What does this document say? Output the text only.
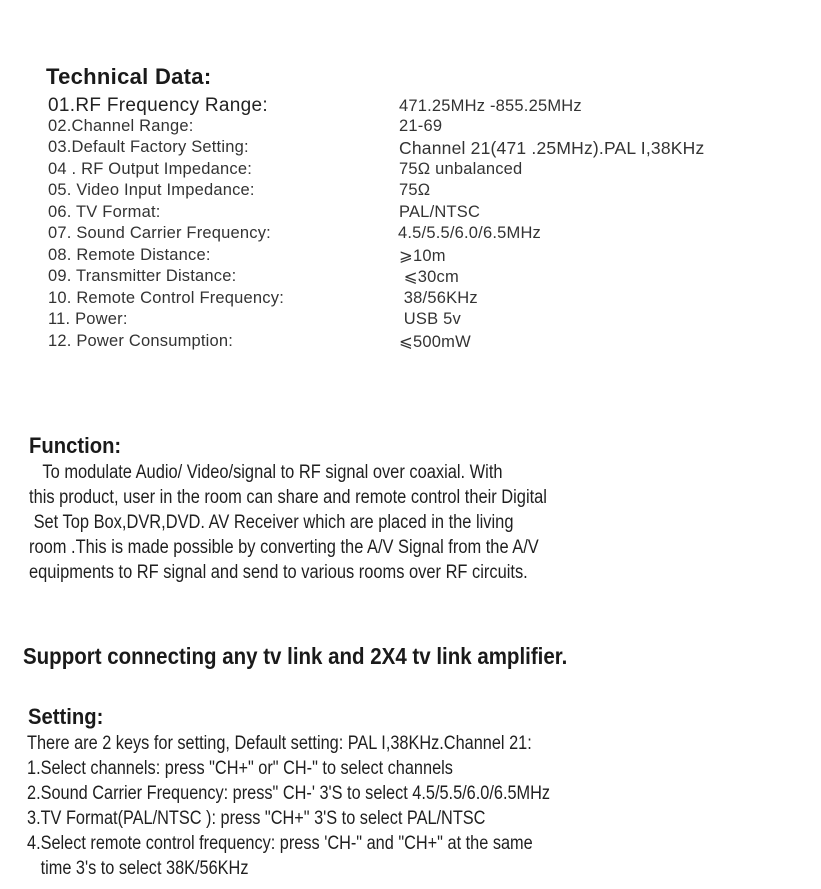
Technical Data:
01.RF Frequency Range:	471.25MHz -855.25MHz
02.Channel Range:	21-69
03.Default Factory Setting:	Channel 21(471 .25MHz).PAL I,38KHz
04 . RF Output Impedance:	75Ω unbalanced
05. Video Input Impedance:	75Ω
06. TV Format:	PAL/NTSC
07. Sound Carrier Frequency:	4.5/5.5/6.0/6.5MHz
08. Remote Distance:	⩾10m
09. Transmitter Distance:	⩽30cm
10. Remote Control Frequency:	38/56KHz
11. Power:	USB 5v
12. Power Consumption:	⩽500mW
Function:
To modulate Audio/ Video/signal to RF signal over coaxial. With
this product, user in the room can share and remote control their Digital
Set Top Box,DVR,DVD. AV Receiver which are placed in the living
room .This is made possible by converting the A/V Signal from the A/V
equipments to RF signal and send to various rooms over RF circuits.
Support connecting any tv link and 2X4 tv link amplifier.
Setting:
There are 2 keys for setting, Default setting: PAL I,38KHz.Channel 21:
1.Select channels: press "CH+" or" CH-" to select channels
2.Sound Carrier Frequency: press" CH-' 3'S to select 4.5/5.5/6.0/6.5MHz
3.TV Format(PAL/NTSC ): press "CH+" 3'S to select PAL/NTSC
4.Select remote control frequency: press 'CH-" and "CH+" at the same
time 3's to select 38K/56KHz
